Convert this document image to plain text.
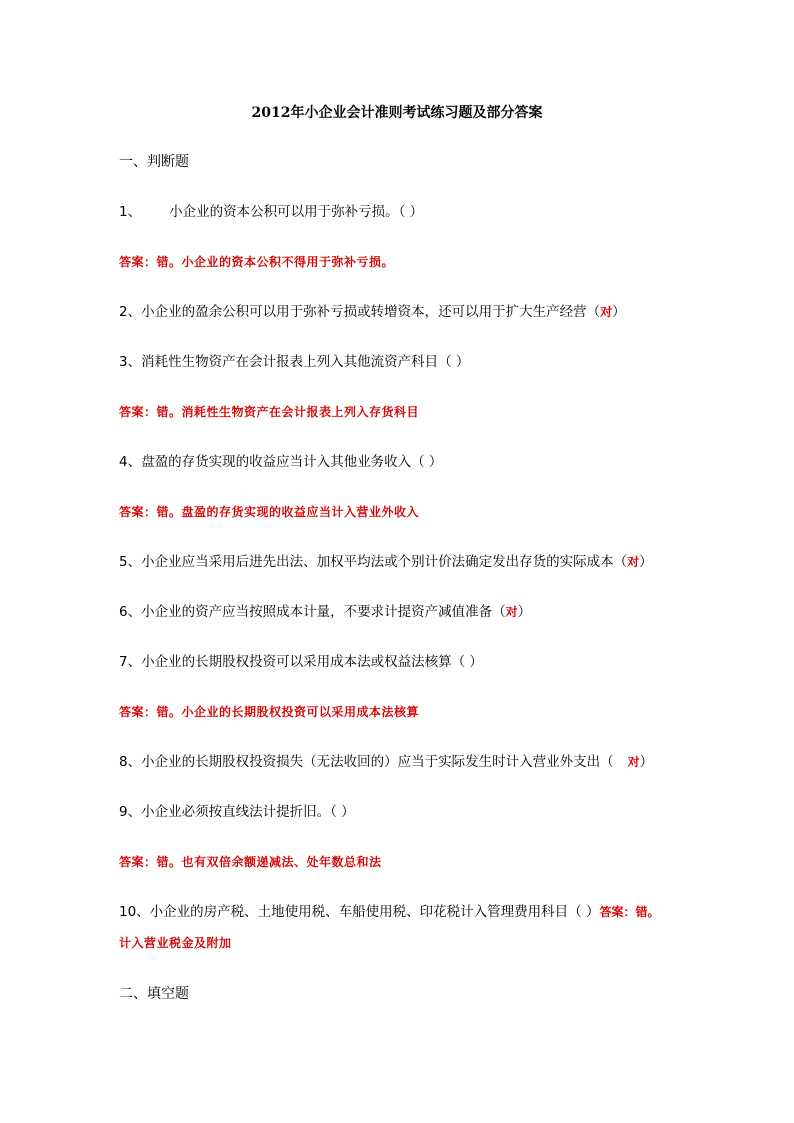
2012年小企业会计准则考试练习题及部分答案
一、判断题
1、 小企业的资本公积可以用于弥补亏损。（ ）
答案：错。小企业的资本公积不得用于弥补亏损。
2、小企业的盈余公积可以用于弥补亏损或转增资本，还可以用于扩大生产经营（对）
3、消耗性生物资产在会计报表上列入其他流资产科目（ ）
答案：错。消耗性生物资产在会计报表上列入存货科目
4、盘盈的存货实现的收益应当计入其他业务收入（ ）
答案：错。盘盈的存货实现的收益应当计入营业外收入
5、小企业应当采用后进先出法、加权平均法或个别计价法确定发出存货的实际成本（对）
6、小企业的资产应当按照成本计量，不要求计提资产减值准备（对）
7、小企业的长期股权投资可以采用成本法或权益法核算（ ）
答案：错。小企业的长期股权投资可以采用成本法核算
8、小企业的长期股权投资损失（无法收回的）应当于实际发生时计入营业外支出（ 对）
9、小企业必须按直线法计提折旧。（ ）
答案：错。也有双倍余额递减法、处年数总和法
10、小企业的房产税、土地使用税、车船使用税、印花税计入管理费用科目（ ）答案：错。
计入营业税金及附加
二、填空题
